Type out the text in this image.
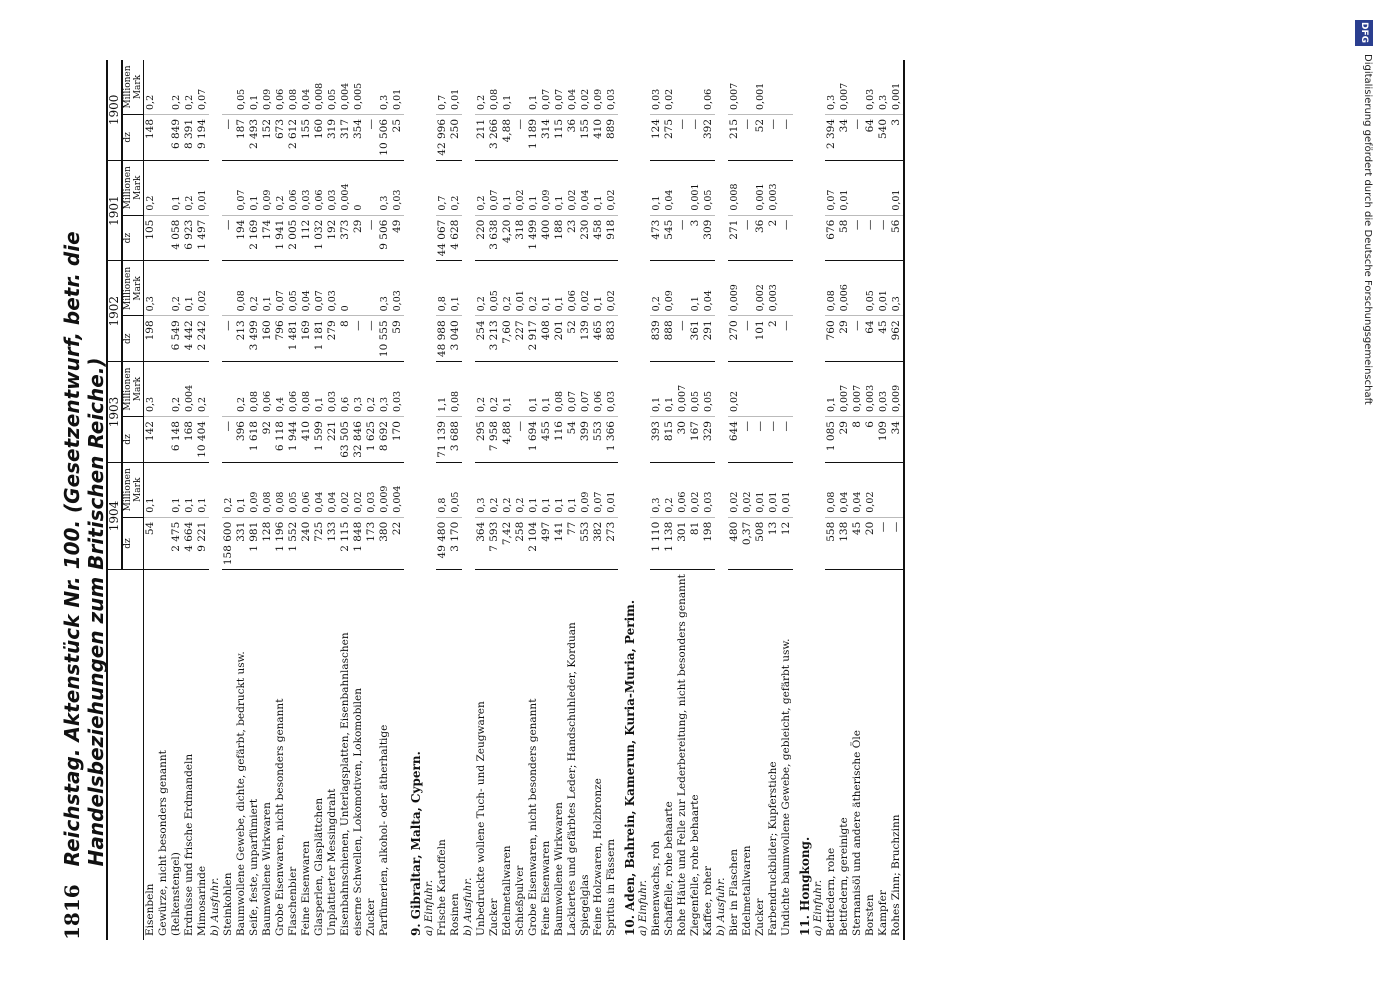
DFG
Digitalisierung gefördert durch die Deutsche Forschungsgemeinschaft
1816
Reichstag. Aktenstück Nr. 100. (Gesetzentwurf, betr. die Handelsbeziehungen zum Britischen Reiche.)
	1904		1903		1902		1901		1900	
	dz	Millionen Mark	dz	Millionen Mark	dz	Millionen Mark	dz	Millionen Mark	dz	Millionen Mark
Eisenbeln	54	0,1	142	0,3	198	0,3	105	0,2	148	0,2
Gewürze, nicht besonders genannt										
(Relkenstengel)	2 475	0,1	6 148	0,2	6 549	0,2	4 058	0,1	6 849	0,2
Erdnüsse und frische Erdmandeln	4 664	0,1	168	0,004	4 442	0,1	6 923	0,2	8 391	0,2
Mimosarinde	9 221	0,1	10 404	0,2	2 242	0,02	1 497	0,01	9 194	0,07
b) Ausfuhr.										
Steinkohlen	158 600	0,2	—		—		—		—	
Baumwollene Gewebe, dichte, gefärbt, bedruckt usw.	331	0,1	396	0,2	213	0,08	194	0,07	187	0,05
Seife, feste, unparfümiert	1 981	0,09	1 618	0,08	3 499	0,2	2 169	0,1	2 493	0,1
Baumwollene Wirkwaren	128	0,08	92	0,06	160	0,1	174	0,09	152	0,09
Grobe Eisenwaren, nicht besonders genannt	1 196	0,08	6 118	0,4	796	0,07	1 941	0,2	673	0,06
Flaschenbier	1 552	0,05	1 944	0,06	1 481	0,05	2 005	0,06	2 612	0,08
Feine Eisenwaren	240	0,06	410	0,08	169	0,04	112	0,03	155	0,04
Glasperlen, Glasplättchen	725	0,04	1 599	0,1	1 181	0,07	1 032	0,06	160	0,008
Unplattierter Messingdraht	133	0,04	221	0,03	279	0,03	192	0,03	319	0,05
Eisenbahnschienen, Unterlagsplatten, Eisenbahnlaschen	2 115	0,02	63 505	0,6	8	0	373	0,004	317	0,004
eiserne Schwellen, Lokomotiven, Lokomobilen	1 848	0,02	32 846	0,3	—		29	0	354	0,005
Zucker	173	0,03	1 625	0,2	—		—		—	
Parfümerien, alkohol- oder ätherhaltige	380	0,009	8 692	0,3	10 555	0,3	9 506	0,3	10 506	0,3
	22	0,004	170	0,03	59	0,03	49	0,03	25	0,01
9. Gibraltar, Malta, Cypern.										
a) Einfuhr.										
Frische Kartoffeln	49 480	0,8	71 139	1,1	48 988	0,8	44 067	0,7	42 996	0,7
Rosinen	3 170	0,05	3 688	0,08	3 040	0,1	4 628	0,2	250	0,01
b) Ausfuhr.										
Unbedruckte wollene Tuch- und Zeugwaren	364	0,3	295	0,2	254	0,2	220	0,2	211	0,2
Zucker	7 593	0,2	7 958	0,2	3 213	0,05	3 638	0,07	3 266	0,08
Edelmetallwaren	7,42	0,2	4,88	0,1	7,60	0,2	4,20	0,1	4,88	0,1
Schießpulver	258	0,2	—		227	0,01	318	0,02	—	
Grobe Eisenwaren, nicht besonders genannt	2 104	0,1	1 694	0,1	2 917	0,2	1 499	0,1	1 189	0,1
Feine Eisenwaren	497	0,1	455	0,1	408	0,1	400	0,09	314	0,07
Baumwollene Wirkwaren	141	0,1	116	0,08	201	0,1	188	0,1	115	0,07
Lackiertes und gefärbtes Leder; Handschuhleder, Korduan	77	0,1	54	0,07	52	0,06	23	0,02	36	0,04
Spiegelglas	553	0,09	399	0,07	139	0,02	230	0,04	155	0,02
Feine Holzwaren, Holzbronze	382	0,07	553	0,06	465	0,1	458	0,1	410	0,09
Spritus in Fässern	273	0,01	1 366	0,03	883	0,02	918	0,02	889	0,03
10. Aden, Bahrein, Kamerun, Kuria-Muria, Perim.										
a) Einfuhr.										
Bienenwachs, roh	1 110	0,3	393	0,1	839	0,2	473	0,1	124	0,03
Schaffelle, rohe behaarte	1 138	0,2	815	0,1	888	0,09	545	0,04	275	0,02
Rohe Häute und Felle zur Lederbereitung, nicht besonders genannt	301	0,06	30	0,007	—		—		—	
Ziegenfelle, rohe behaarte	81	0,02	167	0,05	361	0,1	3	0,001	—	
Kaffee, roher	198	0,03	329	0,05	291	0,04	309	0,05	392	0,06
b) Ausfuhr.										
Bier in Flaschen	480	0,02	644	0,02	270	0,009	271	0,008	215	0,007
Edelmetallwaren	0,37	0,02	—		—		—		—	
Zucker	508	0,01	—		101	0,002	36	0,001	52	0,001
Farbendruckbilder; Kupferstiche	13	0,01	—		2	0,003	2	0,003	—	
Undichte baumwollene Gewebe, gebleicht, gefärbt usw.	12	0,01	—		—		—		—	
11. Hongkong.										
a) Einfuhr.										
Bettfedern, rohe	558	0,08	1 085	0,1	760	0,08	676	0,07	2 394	0,3
Bettfedern, gereinigte	138	0,04	29	0,007	29	0,006	58	0,01	34	0,007
Sternanisöl und andere ätherische Öle	45	0,04	8	0,007	—		—		—	
Borsten	20	0,02	6	0,003	64	0,05	—		64	0,03
Kampfer	—		109	0,03	45	0,01	—		540	0,3
Rohes Zinn; Bruchzinn	—		34	0,009	962	0,3	56	0,01	3	0,001
